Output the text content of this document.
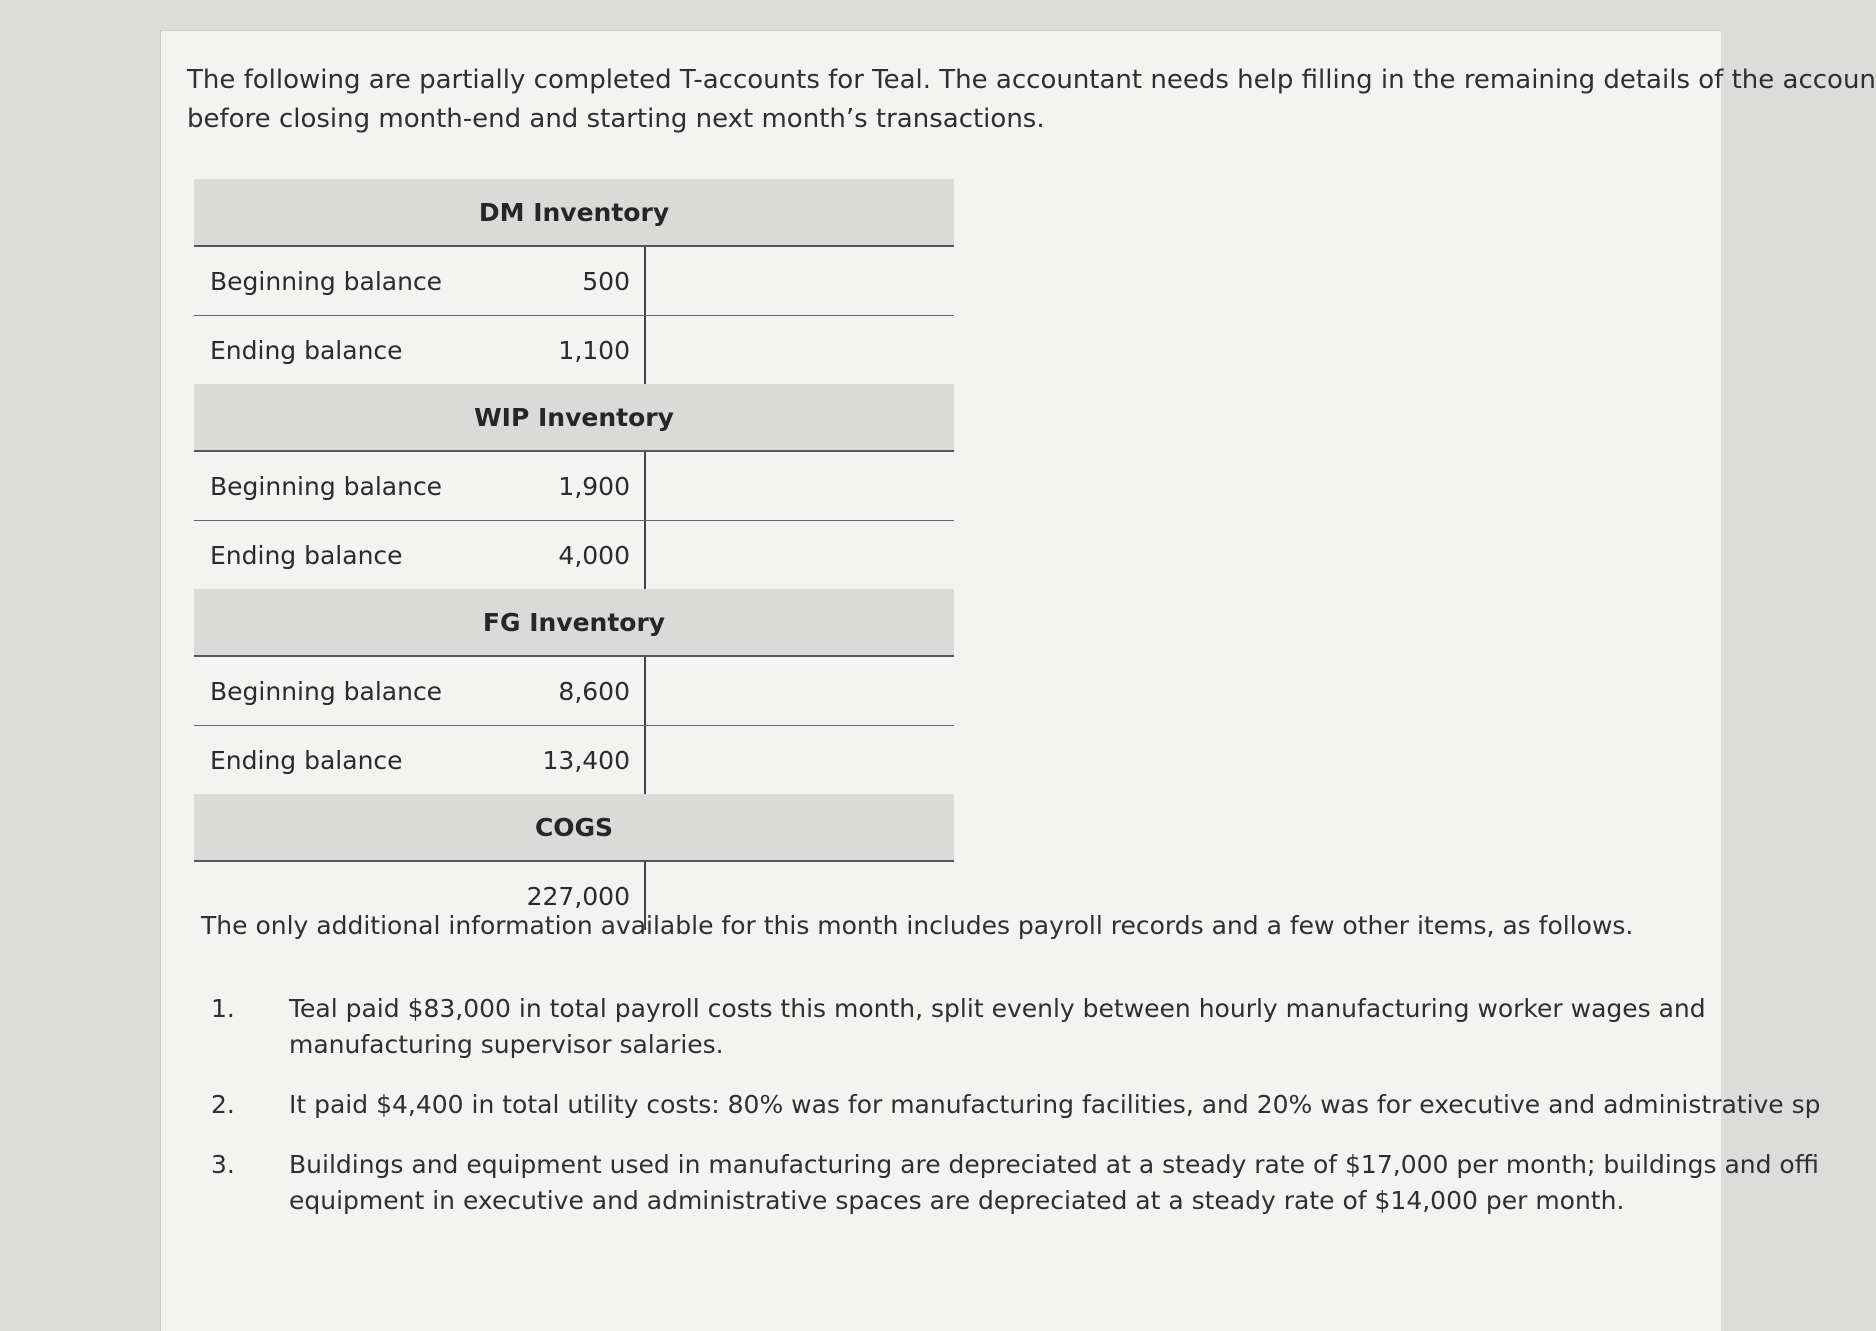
The following are partially completed T-accounts for Teal. The accountant needs help filling in the remaining details of the accoun
before closing month-end and starting next month’s transactions.
DM Inventory
Beginning balance	500
Ending balance	1,100
WIP Inventory
Beginning balance	1,900
Ending balance	4,000
FG Inventory
Beginning balance	8,600
Ending balance	13,400
COGS
227,000
The only additional information available for this month includes payroll records and a few other items, as follows.
1.	Teal paid $83,000 in total payroll costs this month, split evenly between hourly manufacturing worker wages and
manufacturing supervisor salaries.
2.	It paid $4,400 in total utility costs: 80% was for manufacturing facilities, and 20% was for executive and administrative sp
3.	Buildings and equipment used in manufacturing are depreciated at a steady rate of $17,000 per month; buildings and offi
equipment in executive and administrative spaces are depreciated at a steady rate of $14,000 per month.
